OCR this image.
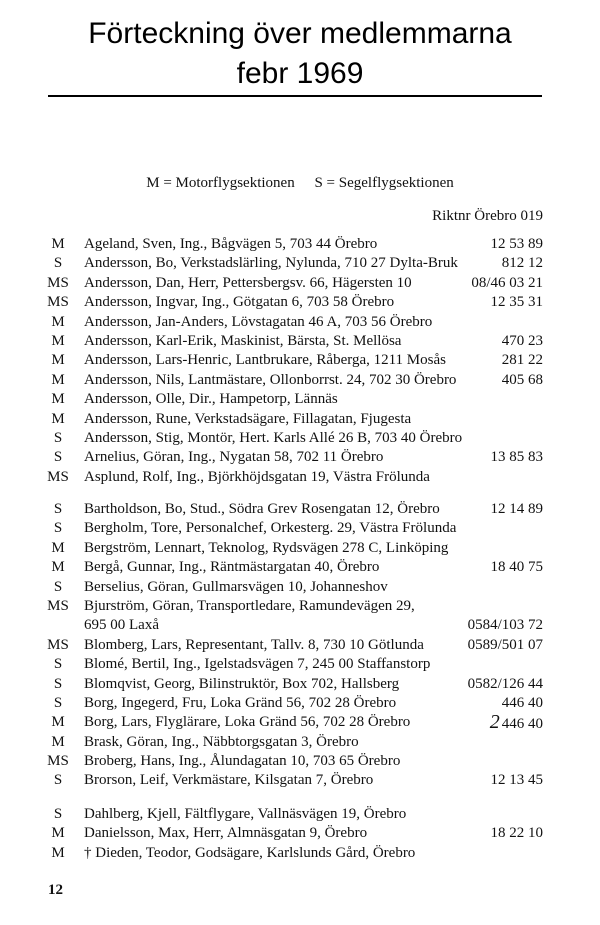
Förteckning över medlemmarna
febr 1969
M = Motorflygsektionen S = Segelflygsektionen
Riktnr Örebro 019
M	Ageland, Sven, Ing., Bågvägen 5, 703 44 Örebro	12 53 89
S	Andersson, Bo, Verkstadslärling, Nylunda, 710 27 Dylta-Bruk	812 12
MS Andersson, Dan, Herr, Pettersbergsv. 66, Hägersten 10	08/46 03 21
MS Andersson, Ingvar, Ing., Götgatan 6, 703 58 Örebro	12 35 31
M	Andersson, Jan-Anders, Lövstagatan 46 A, 703 56 Örebro
M	Andersson, Karl-Erik, Maskinist, Bärsta, St. Mellösa	470 23
M	Andersson, Lars-Henric, Lantbrukare, Råberga, 1211 Mosås	281 22
M	Andersson, Nils, Lantmästare, Ollonborrst. 24, 702 30 Örebro	405 68
M	Andersson, Olle, Dir., Hampetorp, Lännäs
M	Andersson, Rune, Verkstadsägare, Fillagatan, Fjugesta
S	Andersson, Stig, Montör, Hert. Karls Allé 26 B, 703 40 Örebro
S	Arnelius, Göran, Ing., Nygatan 58, 702 11 Örebro	13 85 83
MS Asplund, Rolf, Ing., Björkhöjdsgatan 19, Västra Frölunda
S	Bartholdson, Bo, Stud., Södra Grev Rosengatan 12, Örebro	12 14 89
S	Bergholm, Tore, Personalchef, Orkesterg. 29, Västra Frölunda
M	Bergström, Lennart, Teknolog, Rydsvägen 278 C, Linköping
M	Bergå, Gunnar, Ing., Räntmästargatan 40, Örebro	18 40 75
S	Berselius, Göran, Gullmarsvägen 10, Johanneshov
MS Bjurström, Göran, Transportledare, Ramundevägen 29,
695 00 Laxå	0584/103 72
MS Blomberg, Lars, Representant, Tallv. 8, 730 10 Götlunda	0589/501 07
S	Blomé, Bertil, Ing., Igelstadsvägen 7, 245 00 Staffanstorp
S	Blomqvist, Georg, Bilinstruktör, Box 702, Hallsberg	0582/126 44
S	Borg, Ingegerd, Fru, Loka Gränd 56, 702 28 Örebro	446 40
M	Borg, Lars, Flyglärare, Loka Gränd 56, 702 28 Örebro	2 446 40
M	Brask, Göran, Ing., Näbbtorgsgatan 3, Örebro
MS Broberg, Hans, Ing., Ålundagatan 10, 703 65 Örebro
S	Brorson, Leif, Verkmästare, Kilsgatan 7, Örebro	12 13 45
S	Dahlberg, Kjell, Fältflygare, Vallnäsvägen 19, Örebro
M	Danielsson, Max, Herr, Almnäsgatan 9, Örebro	18 22 10
M	† Dieden, Teodor, Godsägare, Karlslunds Gård, Örebro
12
